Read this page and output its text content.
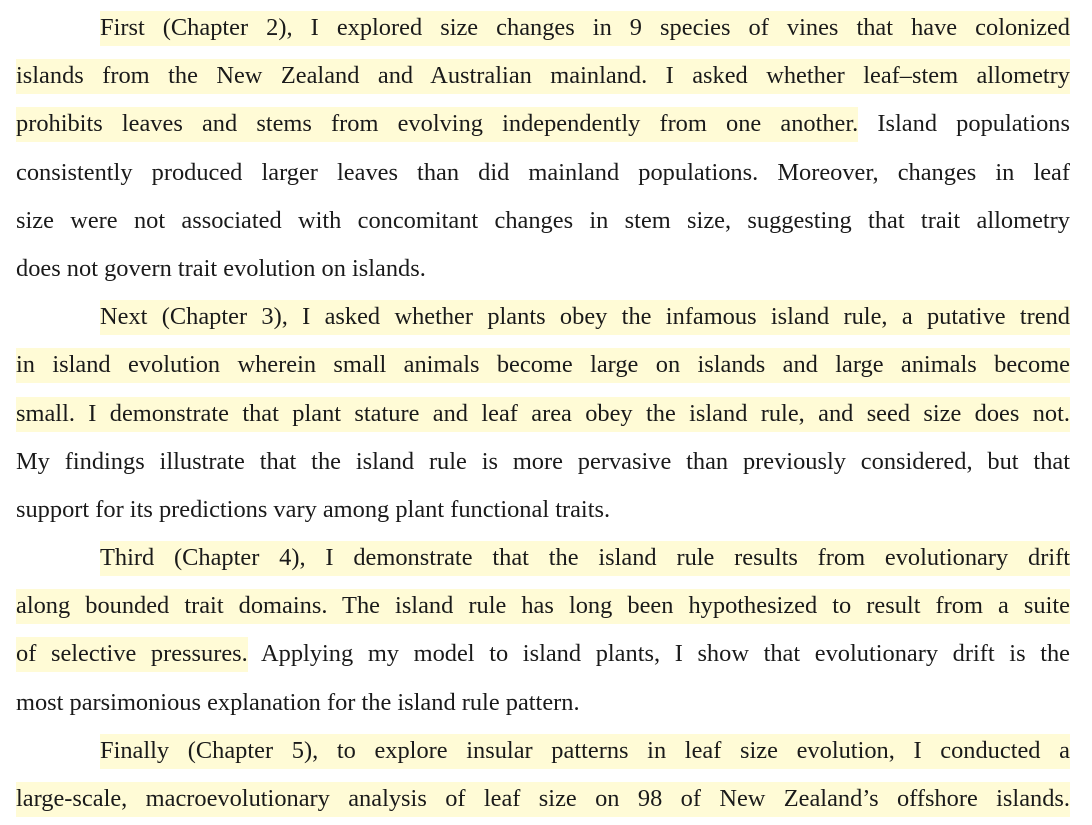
First (Chapter 2), I explored size changes in 9 species of vines that have colonized
islands from the New Zealand and Australian mainland. I asked whether leaf–stem allometry
prohibits leaves and stems from evolving independently from one another. Island populations
consistently produced larger leaves than did mainland populations. Moreover, changes in leaf
size were not associated with concomitant changes in stem size, suggesting that trait allometry
does not govern trait evolution on islands.
Next (Chapter 3), I asked whether plants obey the infamous island rule, a putative trend
in island evolution wherein small animals become large on islands and large animals become
small. I demonstrate that plant stature and leaf area obey the island rule, and seed size does not.
My findings illustrate that the island rule is more pervasive than previously considered, but that
support for its predictions vary among plant functional traits.
Third (Chapter 4), I demonstrate that the island rule results from evolutionary drift
along bounded trait domains. The island rule has long been hypothesized to result from a suite
of selective pressures. Applying my model to island plants, I show that evolutionary drift is the
most parsimonious explanation for the island rule pattern.
Finally (Chapter 5), to explore insular patterns in leaf size evolution, I conducted a
large-scale, macroevolutionary analysis of leaf size on 98 of New Zealand’s offshore islands.
